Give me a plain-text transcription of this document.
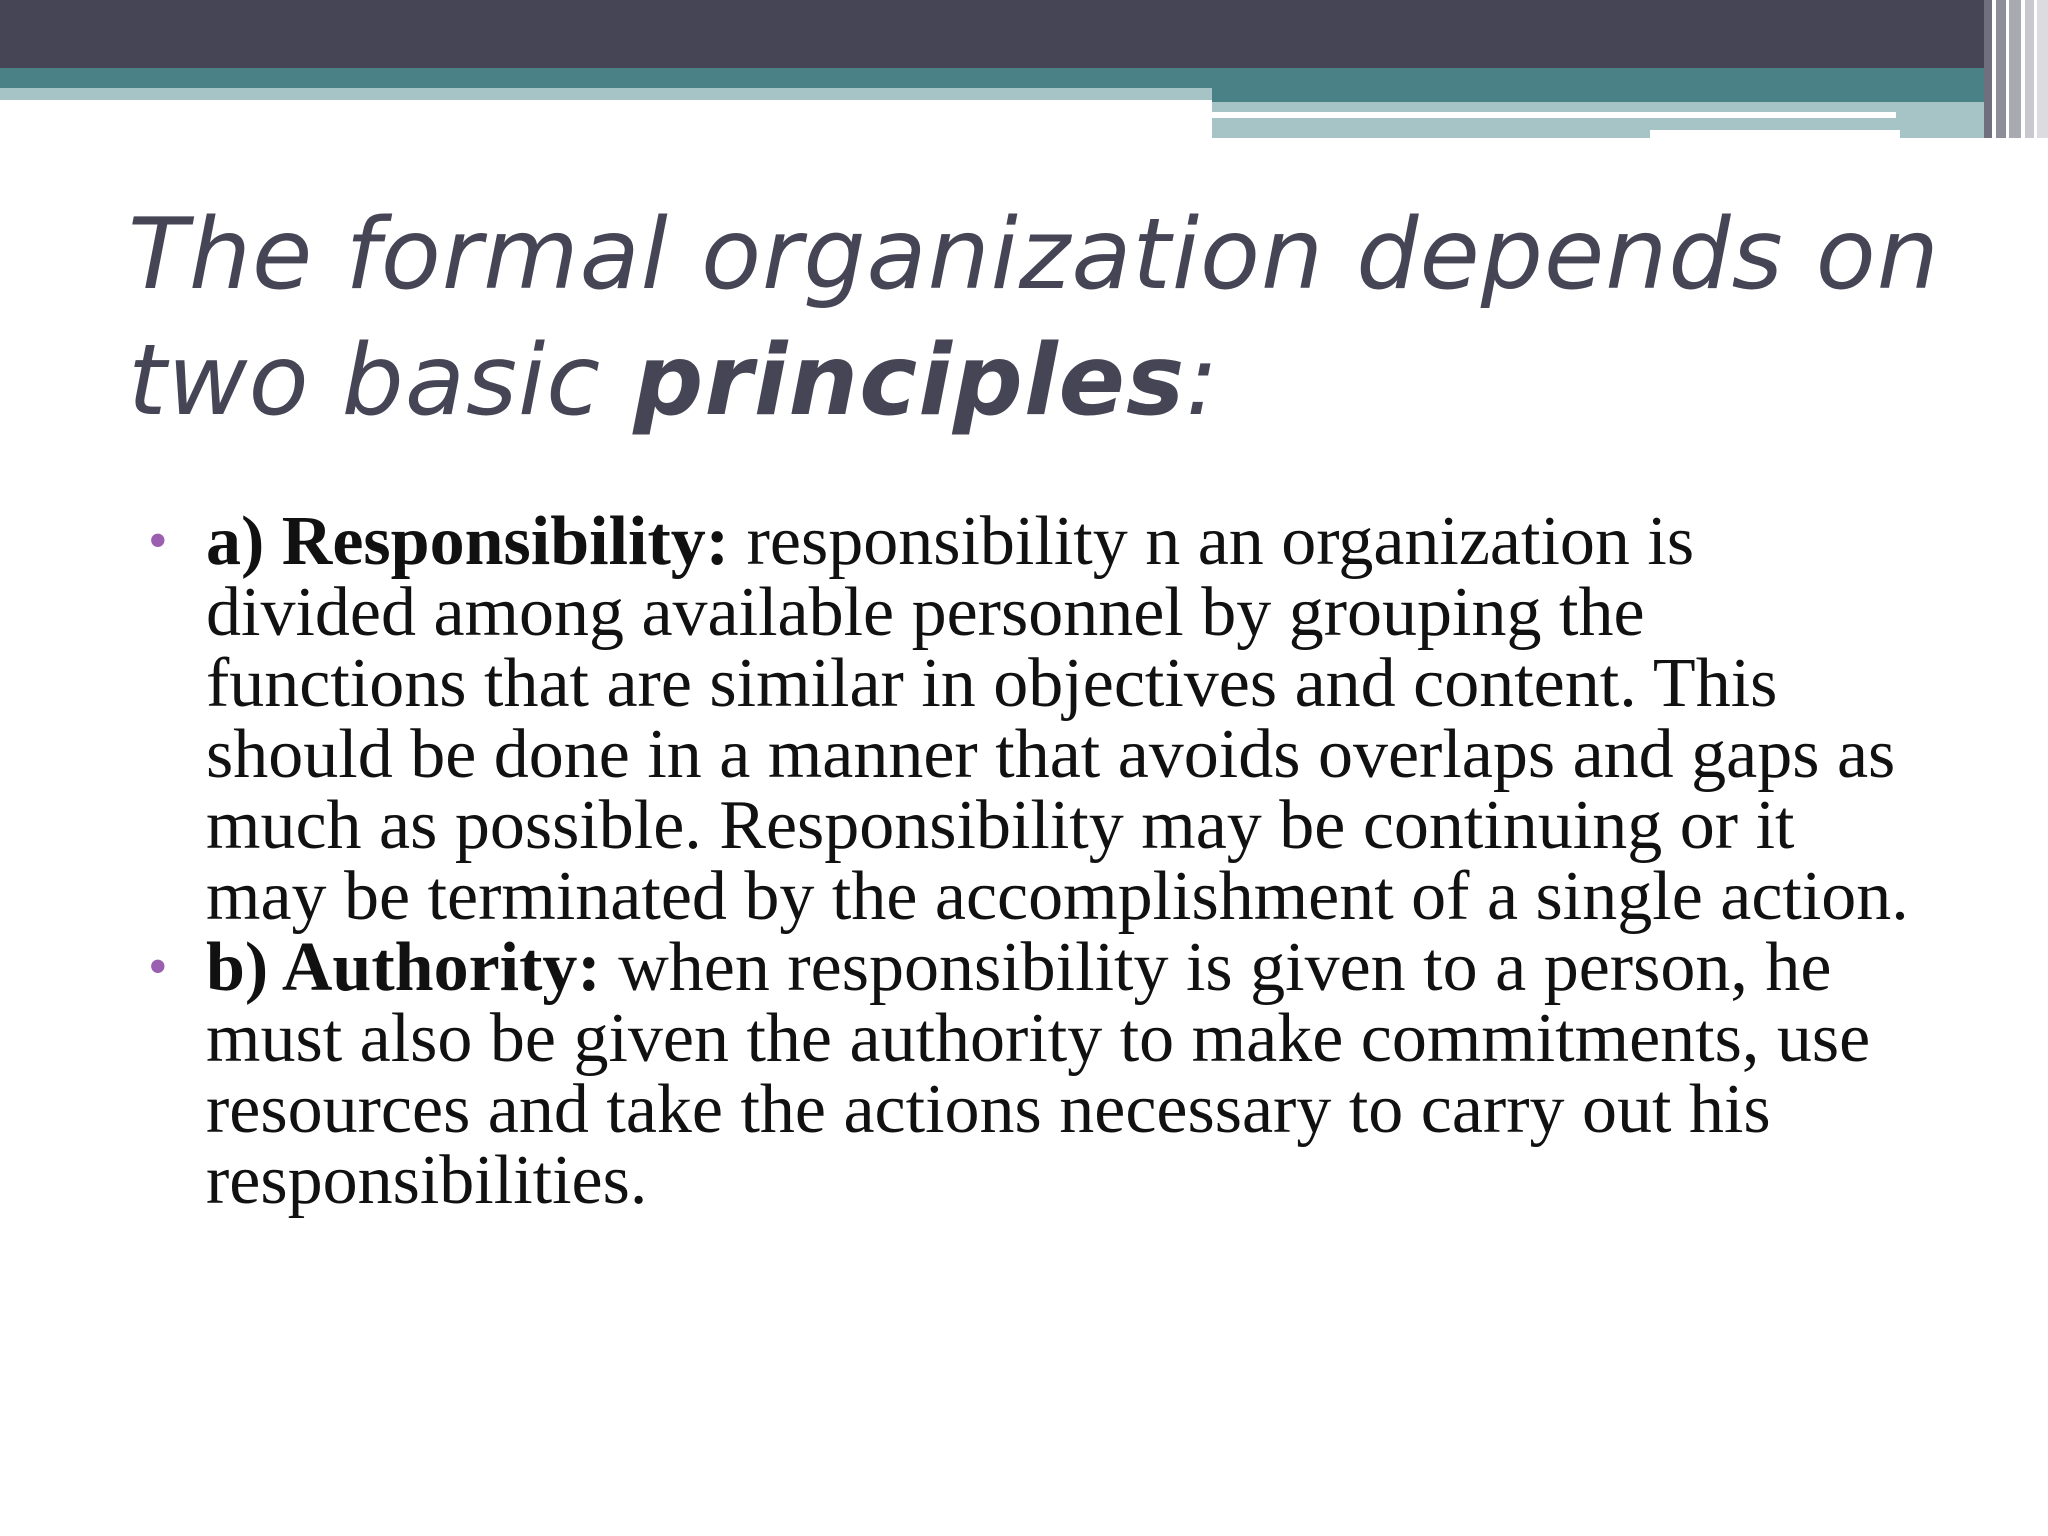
The formal organization depends on
two basic principles:
• a) Responsibility: responsibility n an organization is divided among available personnel by grouping the functions that are similar in objectives and content. This should be done in a manner that avoids overlaps and gaps as much as possible. Responsibility may be continuing or it may be terminated by the accomplishment of a single action.
• b) Authority: when responsibility is given to a person, he must also be given the authority to make commitments, use resources and take the actions necessary to carry out his responsibilities.
